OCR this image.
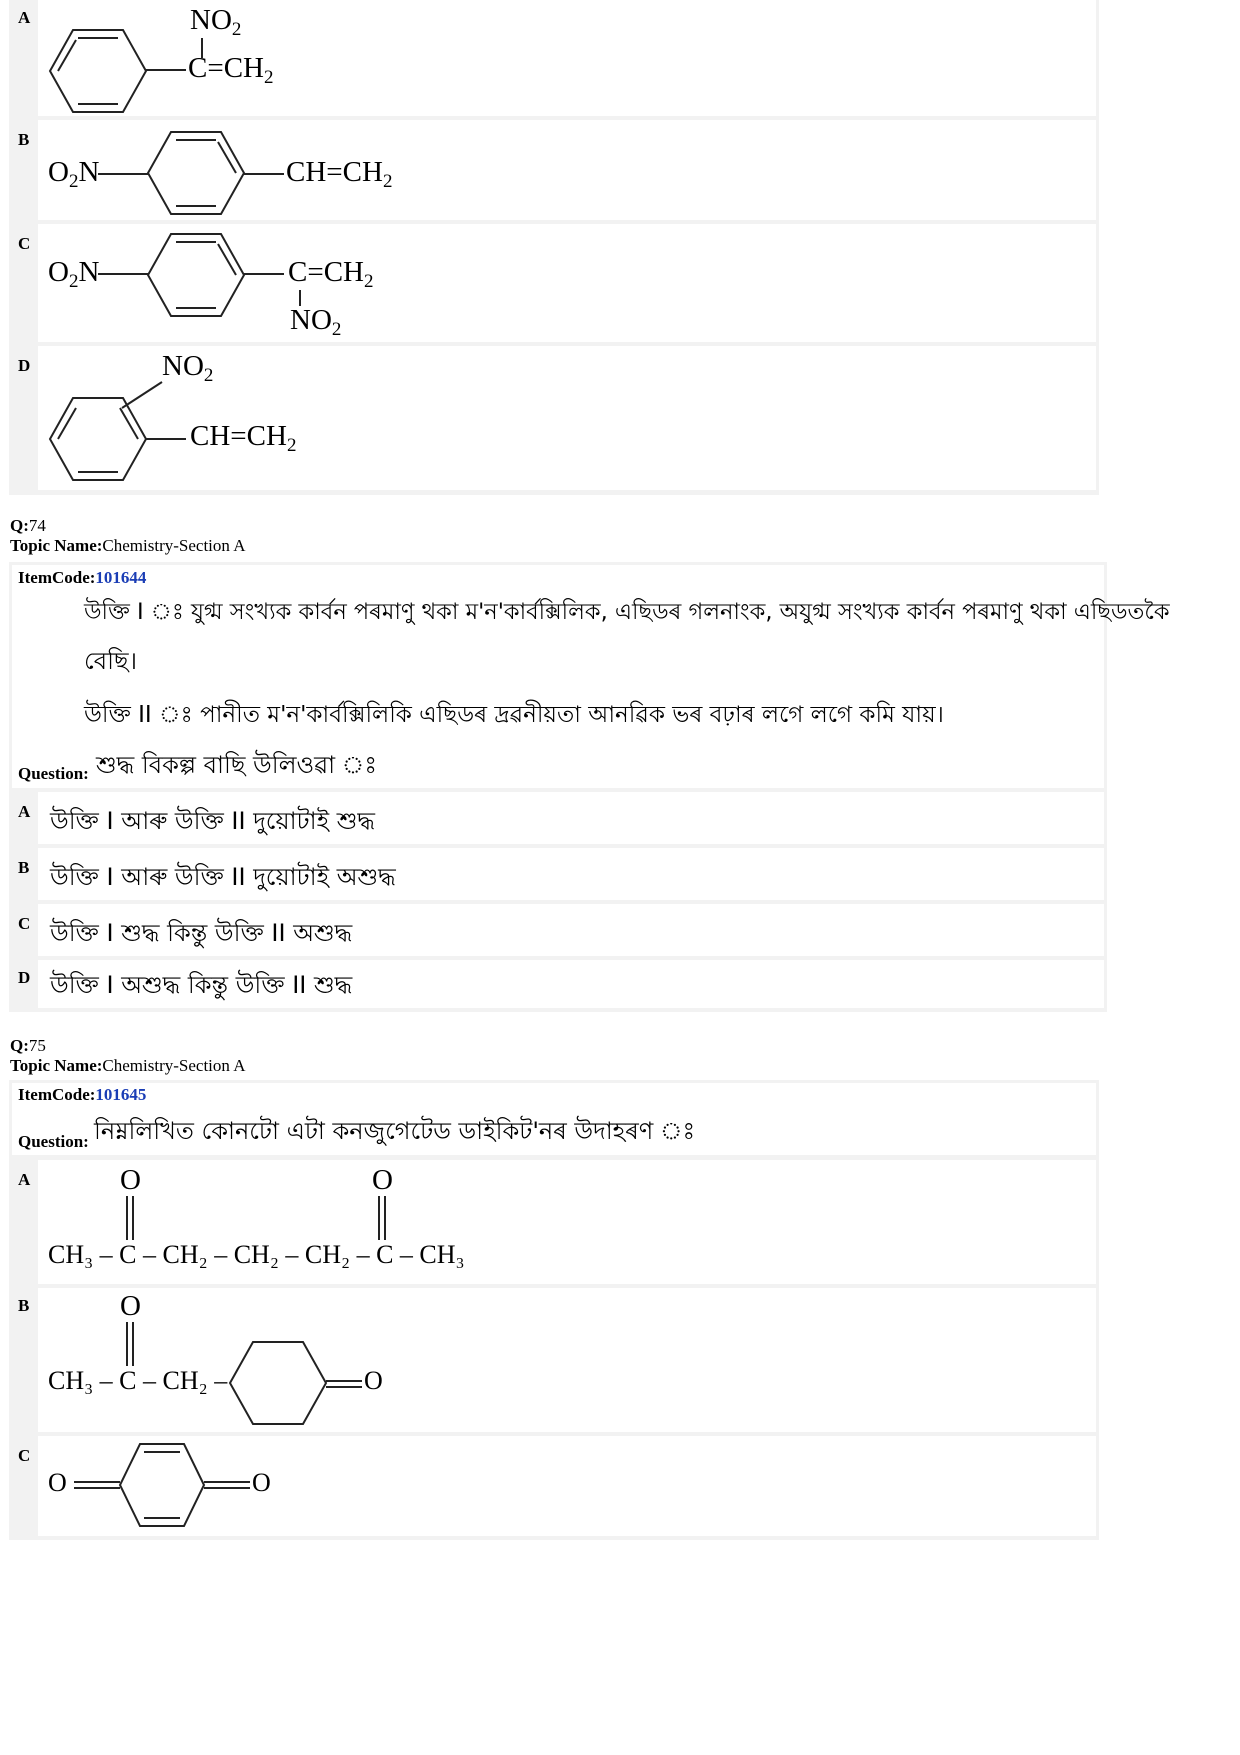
A	$NO_2$
$C=CH_2$
B
$O_2N$	$CH=CH_2$
C
$O_2N$	$C=CH_2$
$NO_2$
D	$NO_2$
$CH=CH_2$
Q:74
Topic Name:Chemistry-Section A
ItemCode:101644
উক্তি I ঃ যুগ্ম সংখ্যক কাৰ্বন পৰমাণু থকা ম'ন'কাৰ্বক্সিলিক, এছিডৰ গলনাংক, অযুগ্ম সংখ্যক কাৰ্বন পৰমাণু থকা এছিডতকৈ
বেছি।
উক্তি II ঃ পানীত ম'ন'কাৰ্বক্সিলিকি এছিডৰ দ্ৰৱনীয়তা আনৱিক ভৰ বঢ়াৰ লগে লগে কমি যায়।
Question: শুদ্ধ বিকল্প বাছি উলিওৱা ঃ
A উক্তি I আৰু উক্তি II দুয়োটাই শুদ্ধ
B উক্তি I আৰু উক্তি II দুয়োটাই অশুদ্ধ
C উক্তি I শুদ্ধ কিন্তু উক্তি II অশুদ্ধ
D উক্তি I অশুদ্ধ কিন্তু উক্তি II শুদ্ধ
Q:75
Topic Name:Chemistry-Section A
ItemCode:101645
Question: নিম্নলিখিত কোনটো এটা কনজুগেটেড ডাইকিট'নৰ উদাহৰণ ঃ
A	O	O
CH₃ – C – CH₂ – CH₂ – CH₂ – C – CH₃
B	O
CH₃ – C – CH₂ –	O
C
O	O
